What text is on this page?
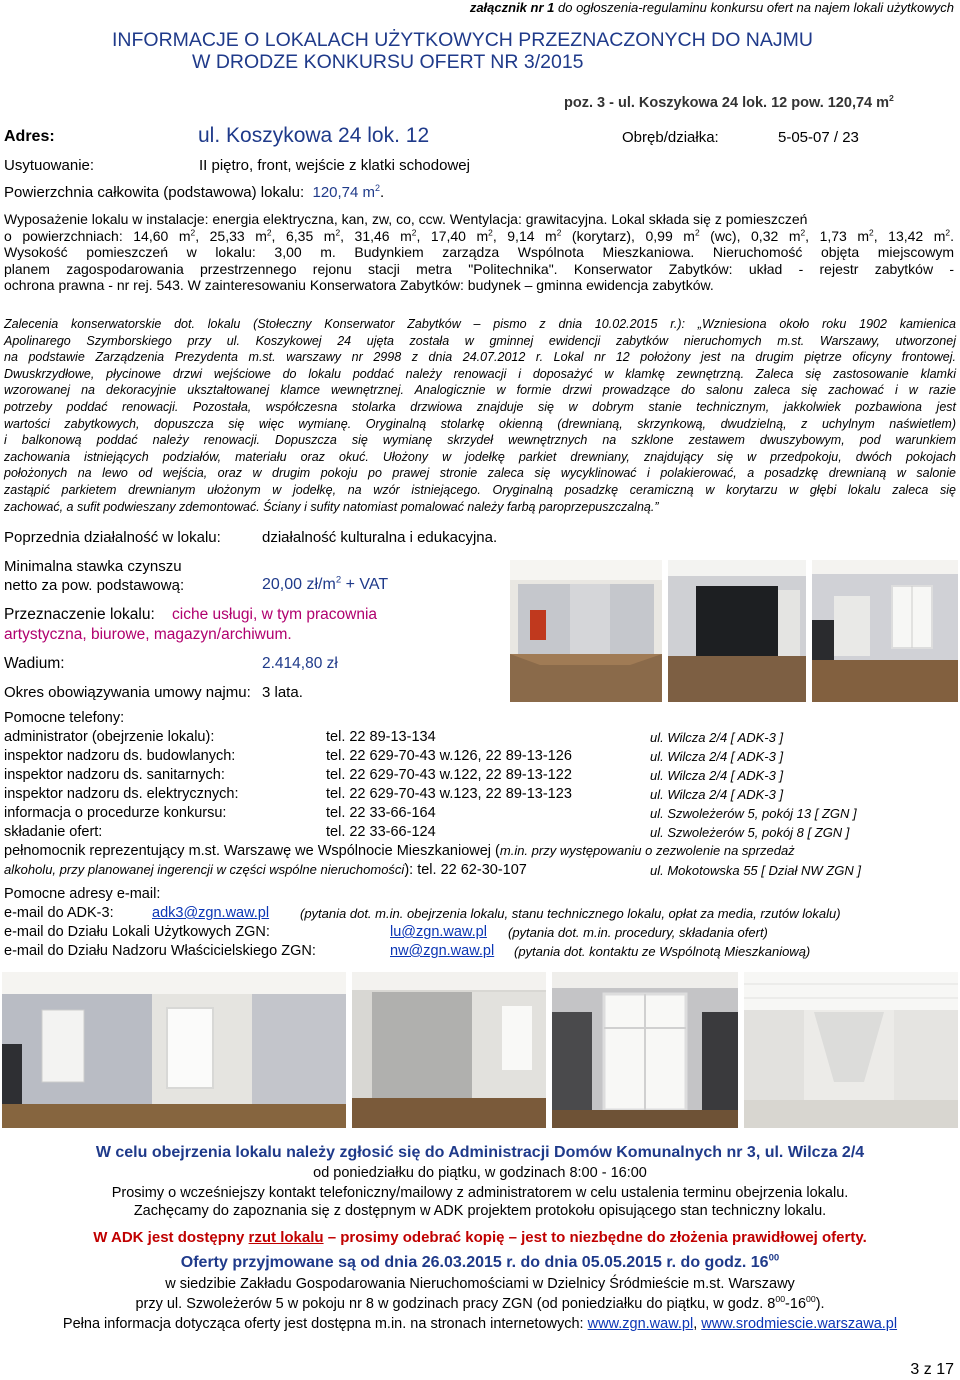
załącznik nr 1 do ogłoszenia-regulaminu konkursu ofert na najem lokali użytkowych
INFORMACJE O LOKALACH UŻYTKOWYCH PRZEZNACZONYCH DO NAJMU
W DRODZE KONKURSU OFERT NR 3/2015
poz. 3 - ul. Koszykowa 24 lok. 12 pow. 120,74 $m^2$
Adres:	ul. Koszykowa 24 lok. 12	Obręb/działka:	5-05-07 / 23
Usytuowanie:	II piętro, front, wejście z klatki schodowej
Powierzchnia całkowita (podstawowa) lokalu: 120,74 $m^2$.
Wyposażenie lokalu w instalacje: energia elektryczna, kan, zw, co, ccw. Wentylacja: grawitacyjna. Lokal składa się z pomieszczeń
o powierzchniach: 14,60 $m^2$, 25,33 $m^2$, 6,35 $m^2$, 31,46 $m^2$, 17,40 $m^2$, 9,14 $m^2$ (korytarz), 0,99 $m^2$ (wc), 0,32 $m^2$, 1,73 $m^2$, 13,42 $m^2$.
Wysokość pomieszczeń w lokalu: 3,00 m. Budynkiem zarządza Wspólnota Mieszkaniowa. Nieruchomość objęta miejscowym
planem zagospodarowania przestrzennego rejonu stacji metra "Politechnika". Konserwator Zabytków: układ - rejestr zabytków -
ochrona prawna - nr rej. 543. W zainteresowaniu Konserwatora Zabytków: budynek – gminna ewidencja zabytków.
Zalecenia konserwatorskie dot. lokalu (Stołeczny Konserwator Zabytków – pismo z dnia 10.02.2015 r.): „Wzniesiona około roku 1902 kamienica
Apolinarego Szymborskiego przy ul. Koszykowej 24 ujęta została w gminnej ewidencji zabytków nieruchomych m.st. Warszawy, utworzonej
na podstawie Zarządzenia Prezydenta m.st. warszawy nr 2998 z dnia 24.07.2012 r. Lokal nr 12 położony jest na drugim piętrze oficyny frontowej.
Dwuskrzydłowe, płycinowe drzwi wejściowe do lokalu poddać należy renowacji i doposażyć w klamkę zewnętrzną. Zaleca się zastosowanie klamki
wzorowanej na dekoracyjnie ukształtowanej klamce wewnętrznej. Analogicznie w formie drzwi prowadzące do salonu zaleca się zachować i w razie
potrzeby poddać renowacji. Pozostała, współczesna stolarka drzwiowa znajduje się w dobrym stanie technicznym, jakkolwiek pozbawiona jest
wartości zabytkowych, dopuszcza się więc wymianę. Oryginalną stolarkę okienną (drewnianą, skrzynkową, dwudzielną, z uchylnym naświetlem)
i balkonową poddać należy renowacji. Dopuszcza się wymianę skrzydeł wewnętrznych na szklone zestawem dwuszybowym, pod warunkiem
zachowania istniejących podziałów, materiału oraz okuć. Ułożony w jodełkę parkiet drewniany, znajdujący się w przedpokoju, dwóch pokojach
położonych na lewo od wejścia, oraz w drugim pokoju po prawej stronie zaleca się wycyklinować i polakierować, a posadzkę drewnianą w salonie
zastąpić parkietem drewnianym ułożonym w jodełkę, na wzór istniejącego. Oryginalną posadzkę ceramiczną w korytarzu w głębi lokalu zaleca się
zachować, a sufit podwieszany zdemontować. Ściany i sufity natomiast pomalować należy farbą paroprzepuszczalną.”
Poprzednia działalność w lokalu:	działalność kulturalna i edukacyjna.
Minimalna stawka czynszu
netto za pow. podstawową:	20,00 $zł/m^2$ + VAT
Przeznaczenie lokalu: ciche usługi, w tym pracownia
artystyczna, biurowe, magazyn/archiwum.
Wadium:	2.414,80 zł
Okres obowiązywania umowy najmu: 3 lata.
Pomocne telefony:
administrator (obejrzenie lokalu):	tel. 22 89-13-134	ul. Wilcza 2/4 [ ADK-3 ]
inspektor nadzoru ds. budowlanych:	tel. 22 629-70-43 w.126, 22 89-13-126	ul. Wilcza 2/4 [ ADK-3 ]
inspektor nadzoru ds. sanitarnych:	tel. 22 629-70-43 w.122, 22 89-13-122	ul. Wilcza 2/4 [ ADK-3 ]
inspektor nadzoru ds. elektrycznych:	tel. 22 629-70-43 w.123, 22 89-13-123	ul. Wilcza 2/4 [ ADK-3 ]
informacja o procedurze konkursu:	tel. 22 33-66-164	ul. Szwoleżerów 5, pokój 13 [ ZGN ]
składanie ofert:	tel. 22 33-66-124	ul. Szwoleżerów 5, pokój 8 [ ZGN ]
pełnomocnik reprezentujący m.st. Warszawę we Wspólnocie Mieszkaniowej (m.in. przy występowaniu o zezwolenie na sprzedaż
alkoholu, przy planowanej ingerencji w części wspólne nieruchomości): tel. 22 62-30-107	ul. Mokotowska 55 [ Dział NW ZGN ]
Pomocne adresy e-mail:
e-mail do ADK-3:	adk3@zgn.waw.pl (pytania dot. m.in. obejrzenia lokalu, stanu technicznego lokalu, opłat za media, rzutów lokalu)
e-mail do Działu Lokali Użytkowych ZGN:	lu@zgn.waw.pl (pytania dot. m.in. procedury, składania ofert)
e-mail do Działu Nadzoru Właścicielskiego ZGN:	nw@zgn.waw.pl (pytania dot. kontaktu ze Wspólnotą Mieszkaniową)
W celu obejrzenia lokalu należy zgłosić się do Administracji Domów Komunalnych nr 3, ul. Wilcza 2/4
od poniedziałku do piątku, w godzinach 8:00 - 16:00
Prosimy o wcześniejszy kontakt telefoniczny/mailowy z administratorem w celu ustalenia terminu obejrzenia lokalu.
Zachęcamy do zapoznania się z dostępnym w ADK projektem protokołu opisującego stan techniczny lokalu.
W ADK jest dostępny rzut lokalu – prosimy odebrać kopię – jest to niezbędne do złożenia prawidłowej oferty.
Oferty przyjmowane są od dnia 26.03.2015 r. do dnia 05.05.2015 r. do godz. $16^{00}$
w siedzibie Zakładu Gospodarowania Nieruchomościami w Dzielnicy Śródmieście m.st. Warszawy
przy ul. Szwoleżerów 5 w pokoju nr 8 w godzinach pracy ZGN (od poniedziałku do piątku, w godz. $8^{00}-16^{00}$).
Pełna informacja dotycząca oferty jest dostępna m.in. na stronach internetowych: www.zgn.waw.pl, www.srodmiescie.warszawa.pl
3 z 17
